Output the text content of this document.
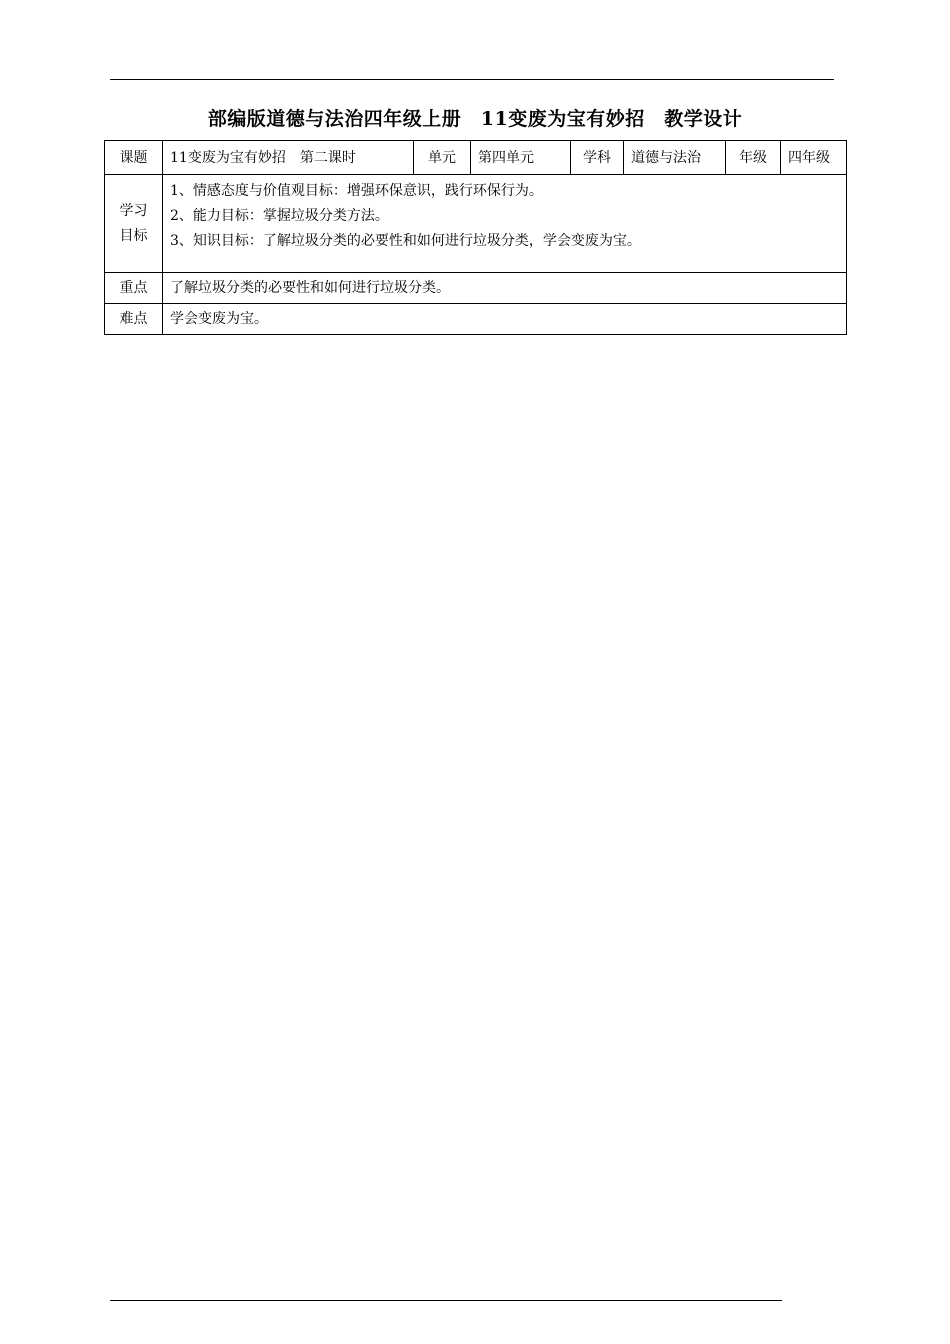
部编版道德与法治四年级上册　11变废为宝有妙招　教学设计
课题	11变废为宝有妙招　第二课时	单元	第四单元	学科	道德与法治	年级	四年级

学习
目标	1、情感态度与价值观目标：增强环保意识，践行环保行为。
2、能力目标：掌握垃圾分类方法。
3、知识目标：了解垃圾分类的必要性和如何进行垃圾分类，学会变废为宝。						

重点	了解垃圾分类的必要性和如何进行垃圾分类。						
难点	学会变废为宝。						
